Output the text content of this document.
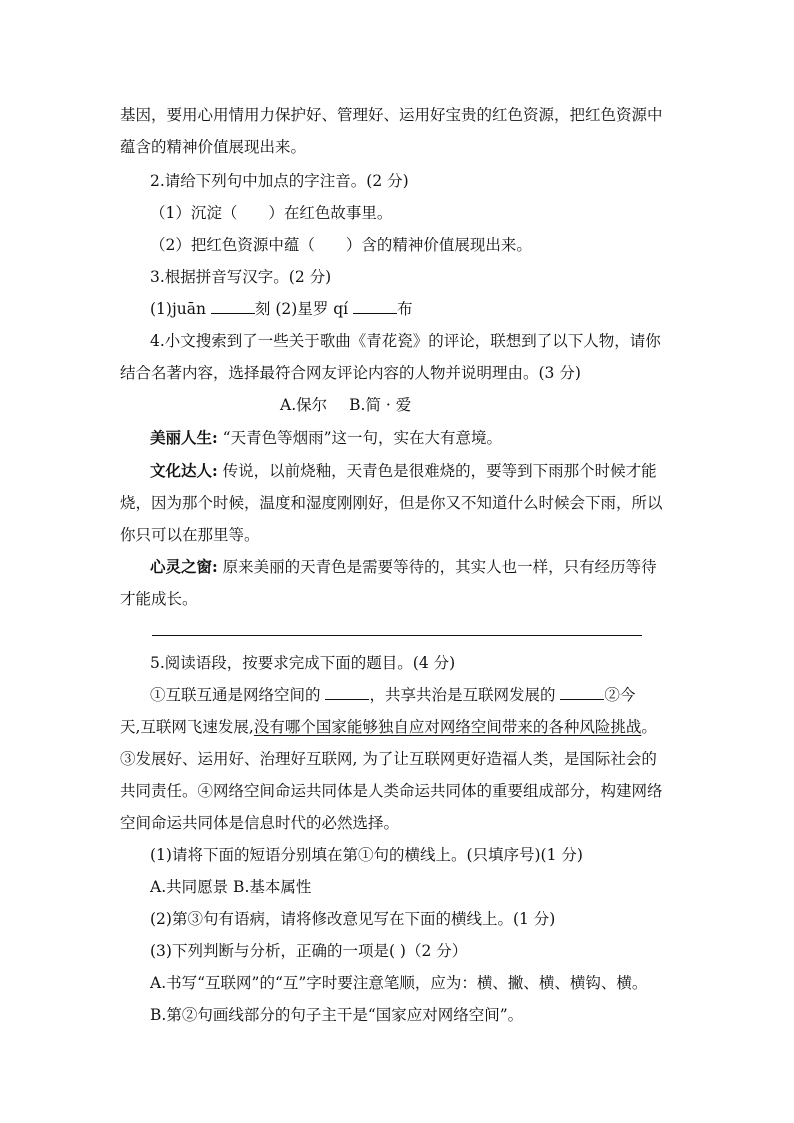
基因，要用心用情用力保护好、管理好、运用好宝贵的红色资源，把红色资源中
蕴含的精神价值展现出来。
2.请给下列句中加点的字注音。(2 分)
（1）沉淀（　　）在红色故事里。
（2）把红色资源中蕴（　　）含的精神价值展现出来。
3.根据拼音写汉字。(2 分)
(1)juān	刻 (2)星罗 qí	布
4.小文搜索到了一些关于歌曲《青花瓷》的评论，联想到了以下人物，请你
结合名著内容，选择最符合网友评论内容的人物并说明理由。(3 分)
A.保尔 B.简 · 爱
美丽人生: “天青色等烟雨”这一句，实在大有意境。
文化达人: 传说，以前烧釉，天青色是很难烧的，要等到下雨那个时候才能
烧，因为那个时候，温度和湿度刚刚好，但是你又不知道什么时候会下雨，所以
你只可以在那里等。
心灵之窗: 原来美丽的天青色是需要等待的，其实人也一样，只有经历等待
才能成长。
5.阅读语段，按要求完成下面的题目。(4 分)
①互联互通是网络空间的	，共享共治是互联网发展的	②今
天,互联网飞速发展,没有哪个国家能够独自应对网络空间带来的各种风险挑战。
③发展好、运用好、治理好互联网, 为了让互联网更好造福人类，是国际社会的
共同责任。④网络空间命运共同体是人类命运共同体的重要组成部分，构建网络
空间命运共同体是信息时代的必然选择。
(1)请将下面的短语分别填在第①句的横线上。(只填序号)(1 分)
A.共同愿景 B.基本属性
(2)第③句有语病，请将修改意见写在下面的横线上。(1 分)
(3)下列判断与分析，正确的一项是( )（2 分）
A.书写“互联网”的“互”字时要注意笔顺，应为：横、撇、横、横钩、横。
B.第②句画线部分的句子主干是“国家应对网络空间”。
